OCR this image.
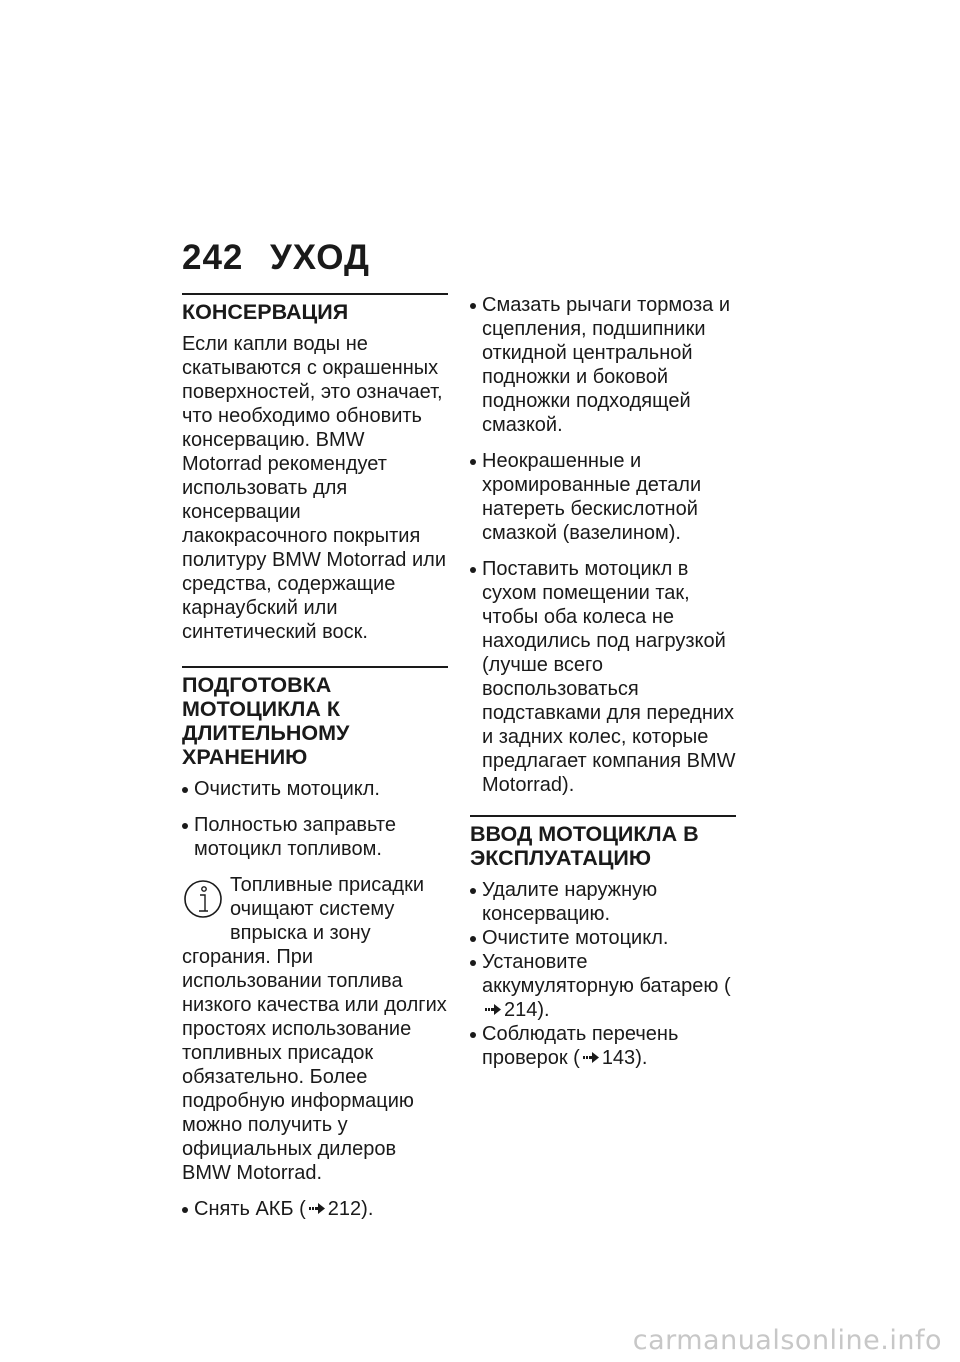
242 УХОД
КОНСЕРВАЦИЯ

Если капли воды не скатываются с окрашенных поверхностей, это означает, что необходимо обновить консервацию. BMW Motorrad рекомендует использовать для консервации лакокрасочного покрытия политуру BMW Motorrad или средства, содержащие карнаубский или синтетический воск.

ПОДГОТОВКА МОТОЦИКЛА К ДЛИТЕЛЬНОМУ ХРАНЕНИЮ
Очистить мотоцикл.
Полностью заправьте мотоцикл топливом.
Топливные присадки очищают систему впрыска и зону сгорания. При использовании топлива низкого качества или долгих простоях использование топливных присадок обязательно. Более подробную информацию можно получить у официальных дилеров BMW Motorrad.
Снять АКБ ( 212).
Смазать рычаги тормоза и сцепления, подшипники откидной центральной подножки и боковой подножки подходящей смазкой.
Неокрашенные и хромированные детали натереть бескислотной смазкой (вазелином).
Поставить мотоцикл в сухом помещении так, чтобы оба колеса не находились под нагрузкой (лучше всего воспользоваться подставками для передних и задних колес, которые предлагает компания BMW Motorrad).
ВВОД МОТОЦИКЛА В ЭКСПЛУАТАЦИЮ
Удалите наружную консервацию.
Очистите мотоцикл.
Установите аккумуляторную батарею (214).
Соблюдать перечень проверок ( 143).
carmanualsonline.info
